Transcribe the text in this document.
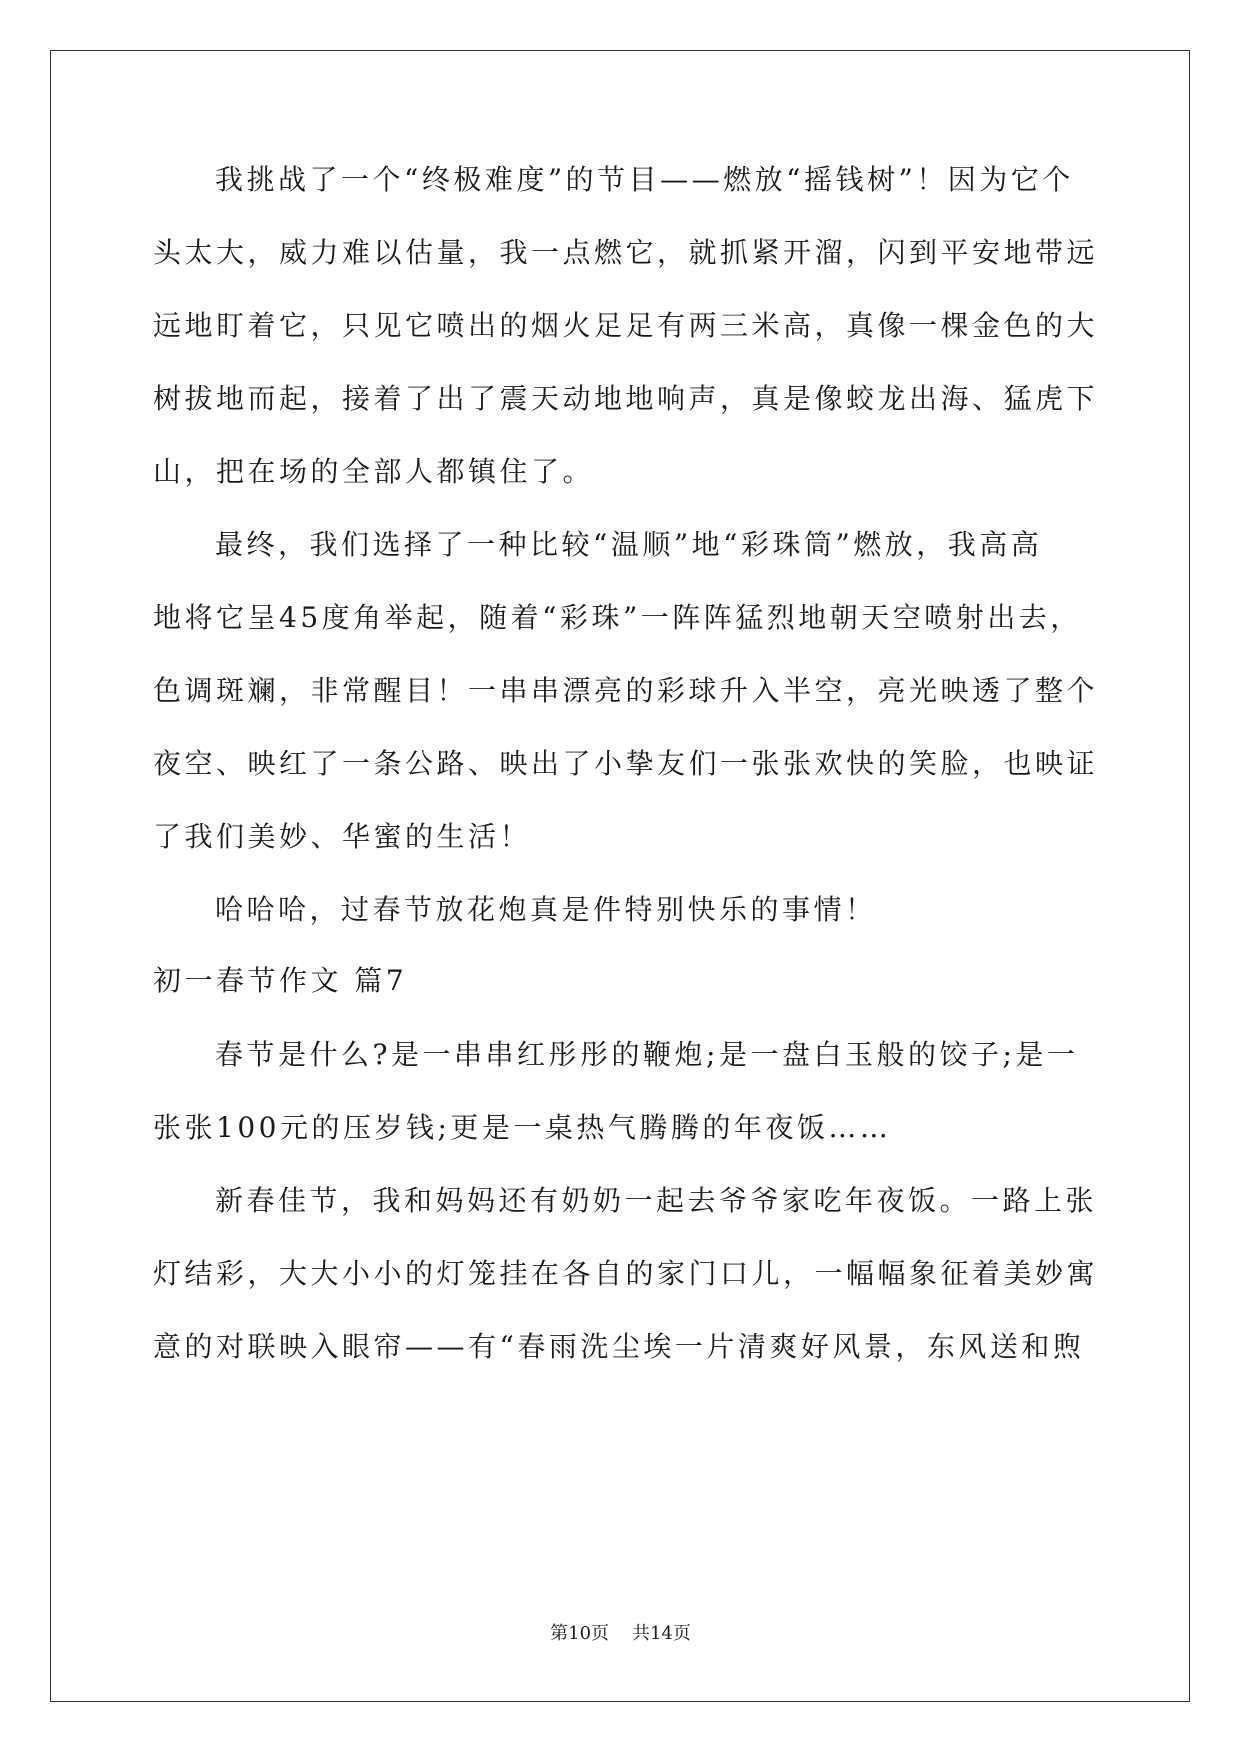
我挑战了一个“终极难度”的节目——燃放“摇钱树”！因为它个
头太大，威力难以估量，我一点燃它，就抓紧开溜，闪到平安地带远
远地盯着它，只见它喷出的烟火足足有两三米高，真像一棵金色的大
树拔地而起，接着了出了震天动地地响声，真是像蛟龙出海、猛虎下
山，把在场的全部人都镇住了。
最终，我们选择了一种比较“温顺”地“彩珠筒”燃放，我高高
地将它呈45度角举起，随着“彩珠”一阵阵猛烈地朝天空喷射出去，
色调斑斓，非常醒目！一串串漂亮的彩球升入半空，亮光映透了整个
夜空、映红了一条公路、映出了小挚友们一张张欢快的笑脸，也映证
了我们美妙、华蜜的生活！
哈哈哈，过春节放花炮真是件特别快乐的事情！
初一春节作文 篇7
春节是什么?是一串串红彤彤的鞭炮;是一盘白玉般的饺子;是一
张张100元的压岁钱;更是一桌热气腾腾的年夜饭……
新春佳节，我和妈妈还有奶奶一起去爷爷家吃年夜饭。一路上张
灯结彩，大大小小的灯笼挂在各自的家门口儿，一幅幅象征着美妙寓
意的对联映入眼帘——有“春雨洗尘埃一片清爽好风景，东风送和煦
第10页 共14页
